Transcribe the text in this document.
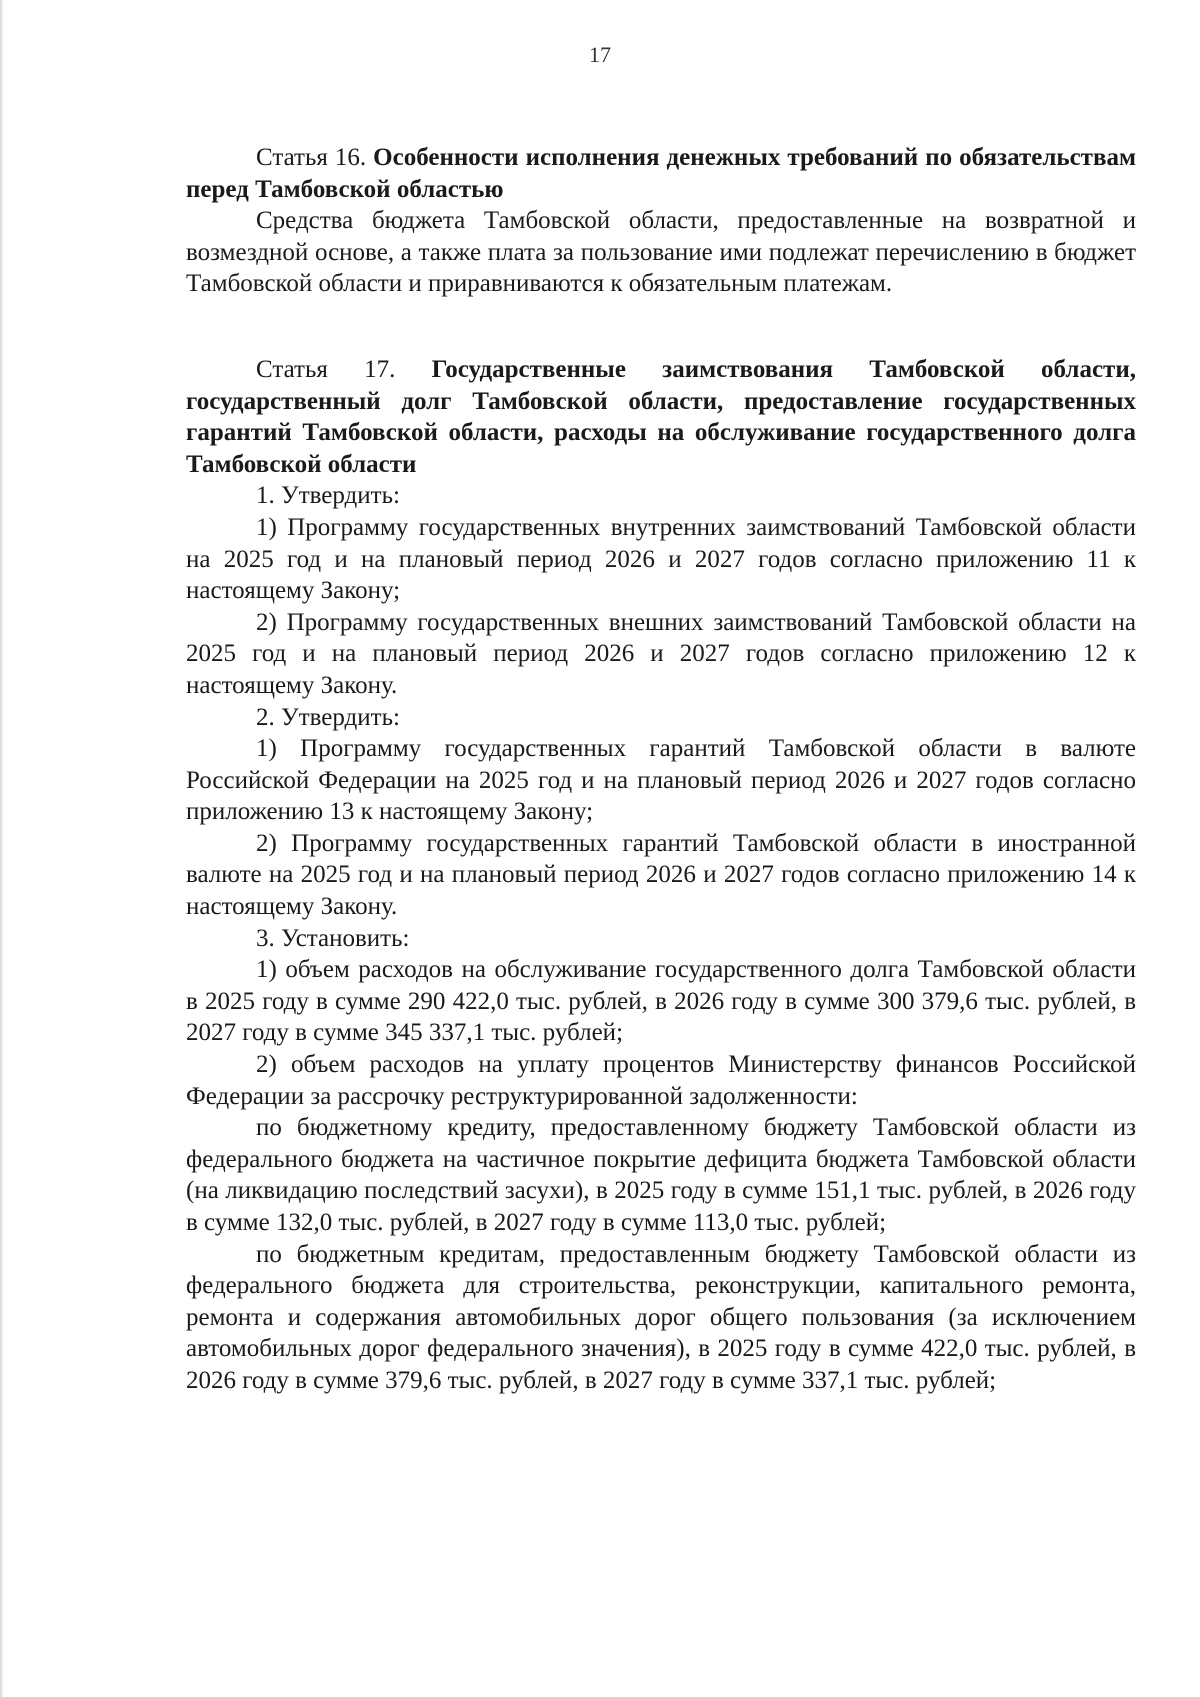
17

Статья 16. Особенности исполнения денежных требований по обязательствам перед Тамбовской областью

Средства бюджета Тамбовской области, предоставленные на возвратной и возмездной основе, а также плата за пользование ими подлежат перечислению в бюджет Тамбовской области и приравниваются к обязательным платежам.

Статья 17. Государственные заимствования Тамбовской области, государственный долг Тамбовской области, предоставление государственных гарантий Тамбовской области, расходы на обслуживание государственного долга Тамбовской области

1. Утвердить:

1) Программу государственных внутренних заимствований Тамбовской области на 2025 год и на плановый период 2026 и 2027 годов согласно приложению 11 к настоящему Закону;

2) Программу государственных внешних заимствований Тамбовской области на 2025 год и на плановый период 2026 и 2027 годов согласно приложению 12 к настоящему Закону.

2. Утвердить:

1) Программу государственных гарантий Тамбовской области в валюте Российской Федерации на 2025 год и на плановый период 2026 и 2027 годов согласно приложению 13 к настоящему Закону;

2) Программу государственных гарантий Тамбовской области в иностранной валюте на 2025 год и на плановый период 2026 и 2027 годов согласно приложению 14 к настоящему Закону.

3. Установить:

1) объем расходов на обслуживание государственного долга Тамбовской области в 2025 году в сумме 290 422,0 тыс. рублей, в 2026 году в сумме 300 379,6 тыс. рублей, в 2027 году в сумме 345 337,1 тыс. рублей;

2) объем расходов на уплату процентов Министерству финансов Российской Федерации за рассрочку реструктурированной задолженности:

по бюджетному кредиту, предоставленному бюджету Тамбовской области из федерального бюджета на частичное покрытие дефицита бюджета Тамбовской области (на ликвидацию последствий засухи), в 2025 году в сумме 151,1 тыс. рублей, в 2026 году в сумме 132,0 тыс. рублей, в 2027 году в сумме 113,0 тыс. рублей;

по бюджетным кредитам, предоставленным бюджету Тамбовской области из федерального бюджета для строительства, реконструкции, капитального ремонта, ремонта и содержания автомобильных дорог общего пользования (за исключением автомобильных дорог федерального значения), в 2025 году в сумме 422,0 тыс. рублей, в 2026 году в сумме 379,6 тыс. рублей, в 2027 году в сумме 337,1 тыс. рублей;
